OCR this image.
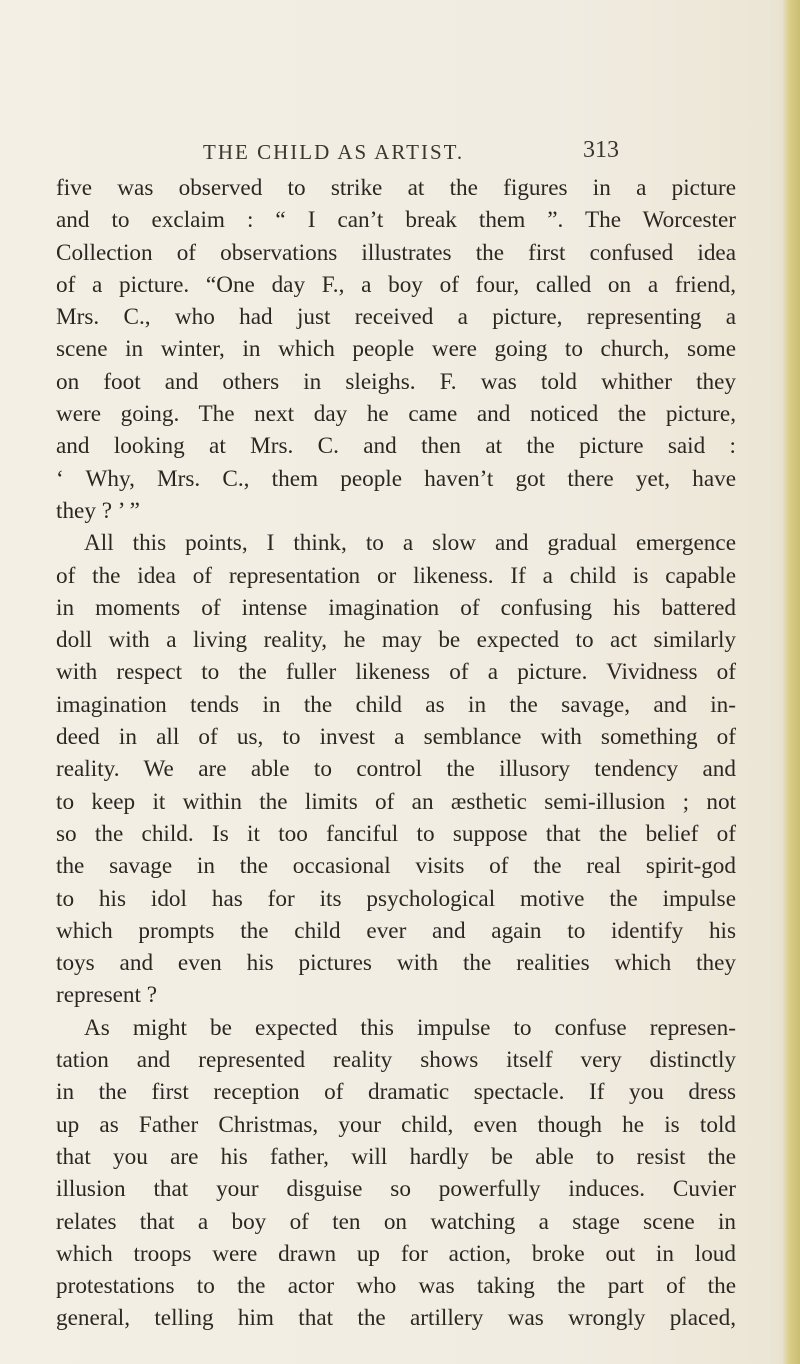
THE CHILD AS ARTIST.	313
five was observed to strike at the figures in a picture
and to exclaim : “ I can’t break them ”. The Worcester
Collection of observations illustrates the first confused idea
of a picture. “One day F., a boy of four, called on a friend,
Mrs. C., who had just received a picture, representing a
scene in winter, in which people were going to church, some
on foot and others in sleighs. F. was told whither they
were going. The next day he came and noticed the picture,
and looking at Mrs. C. and then at the picture said :
‘ Why, Mrs. C., them people haven’t got there yet, have
they ? ’ ”
All this points, I think, to a slow and gradual emergence
of the idea of representation or likeness. If a child is capable
in moments of intense imagination of confusing his battered
doll with a living reality, he may be expected to act similarly
with respect to the fuller likeness of a picture. Vividness of
imagination tends in the child as in the savage, and in-
deed in all of us, to invest a semblance with something of
reality. We are able to control the illusory tendency and
to keep it within the limits of an æsthetic semi-illusion ; not
so the child. Is it too fanciful to suppose that the belief of
the savage in the occasional visits of the real spirit-god
to his idol has for its psychological motive the impulse
which prompts the child ever and again to identify his
toys and even his pictures with the realities which they
represent ?
As might be expected this impulse to confuse represen-
tation and represented reality shows itself very distinctly
in the first reception of dramatic spectacle. If you dress
up as Father Christmas, your child, even though he is told
that you are his father, will hardly be able to resist the
illusion that your disguise so powerfully induces. Cuvier
relates that a boy of ten on watching a stage scene in
which troops were drawn up for action, broke out in loud
protestations to the actor who was taking the part of the
general, telling him that the artillery was wrongly placed,
